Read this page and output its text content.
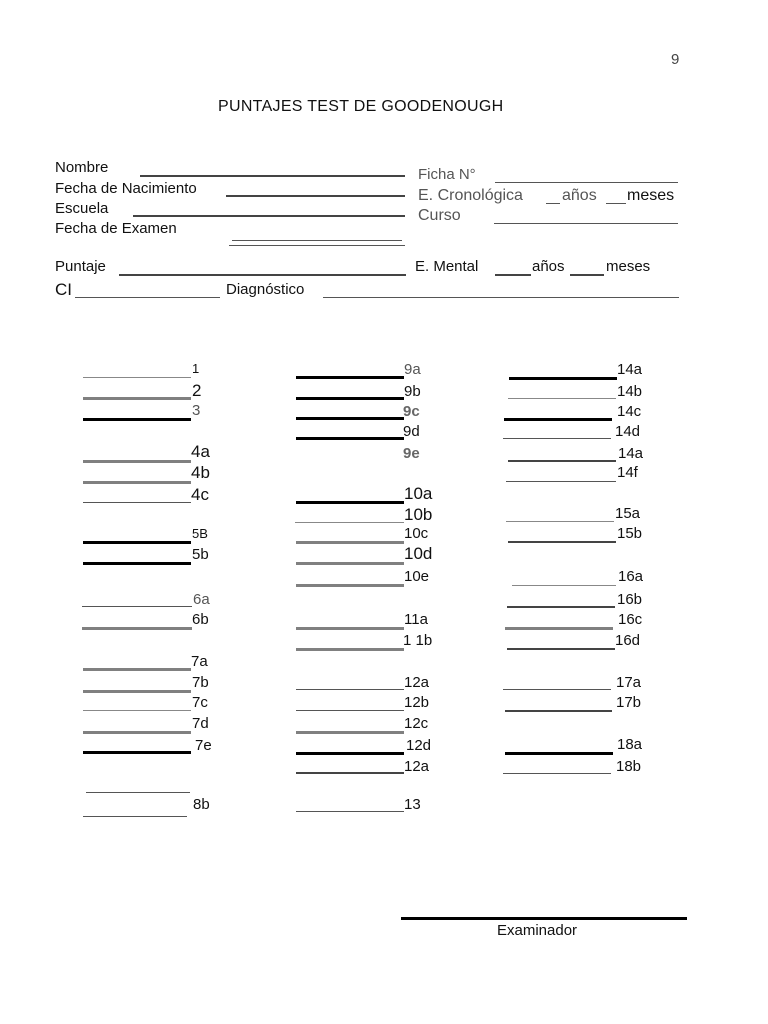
9
PUNTAJES TEST DE GOODENOUGH
Nombre
Fecha de Nacimiento
Escuela
Fecha de Examen
Puntaje
CI	Diagnóstico
Ficha N°
E. Cronológica años meses
Curso
E. Mental	años	meses
1
2
3
4a
4b
4c
5B
5b
6a
6b
7a
7b
7c
7d
7e
8b
9a
9b
9c
9d
9e
10a
10b
10c
10d
10e
11a
1 1b
12a
12b
12c
12d
12a
13
14a
14b
14c
14d
14a
14f
15a
15b
16a
16b
16c
16d
17a
17b
18a
18b
Examinador
